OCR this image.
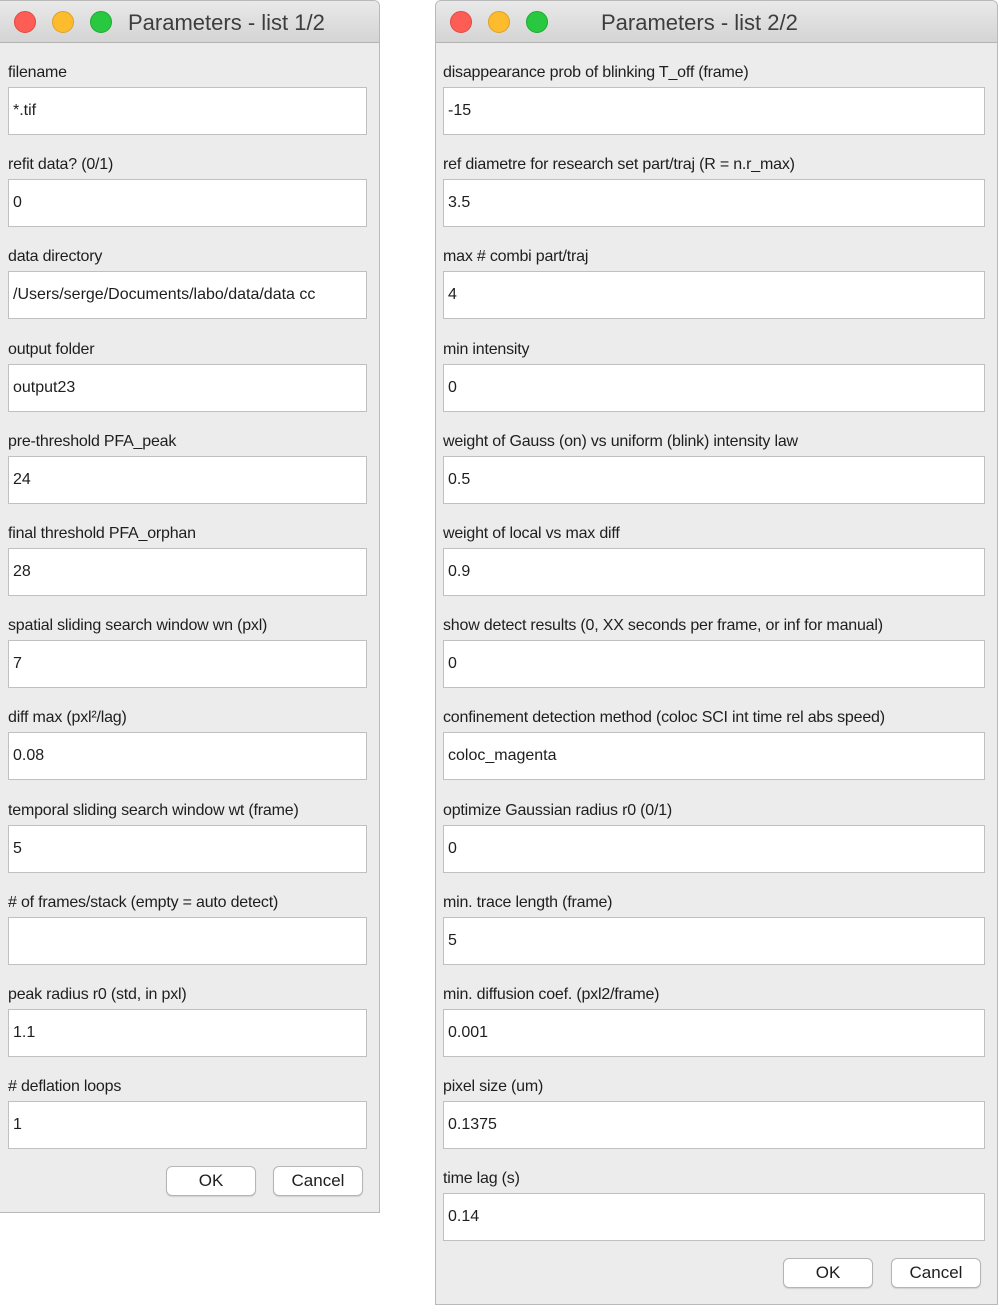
Parameters - list 1/2
filename
*.tif
refit data? (0/1)
0
data directory
/Users/serge/Documents/labo/data/data cc
output folder
output23
pre-threshold PFA_peak
24
final threshold PFA_orphan
28
spatial sliding search window wn (pxl)
7
diff max (pxl²/lag)
0.08
temporal sliding search window wt (frame)
5
# of frames/stack (empty = auto detect)
peak radius r0 (std, in pxl)
1.1
# deflation loops
1
OK	Cancel
Parameters - list 2/2
disappearance prob of blinking T_off (frame)
-15
ref diametre for research set part/traj (R = n.r_max)
3.5
max # combi part/traj
4
min intensity
0
weight of Gauss (on) vs uniform (blink) intensity law
0.5
weight of local vs max diff
0.9
show detect results (0, XX seconds per frame, or inf for manual)
0
confinement detection method (coloc SCI int time rel abs speed)
coloc_magenta
optimize Gaussian radius r0 (0/1)
0
min. trace length (frame)
5
min. diffusion coef. (pxl2/frame)
0.001
pixel size (um)
0.1375
time lag (s)
0.14
OK	Cancel
